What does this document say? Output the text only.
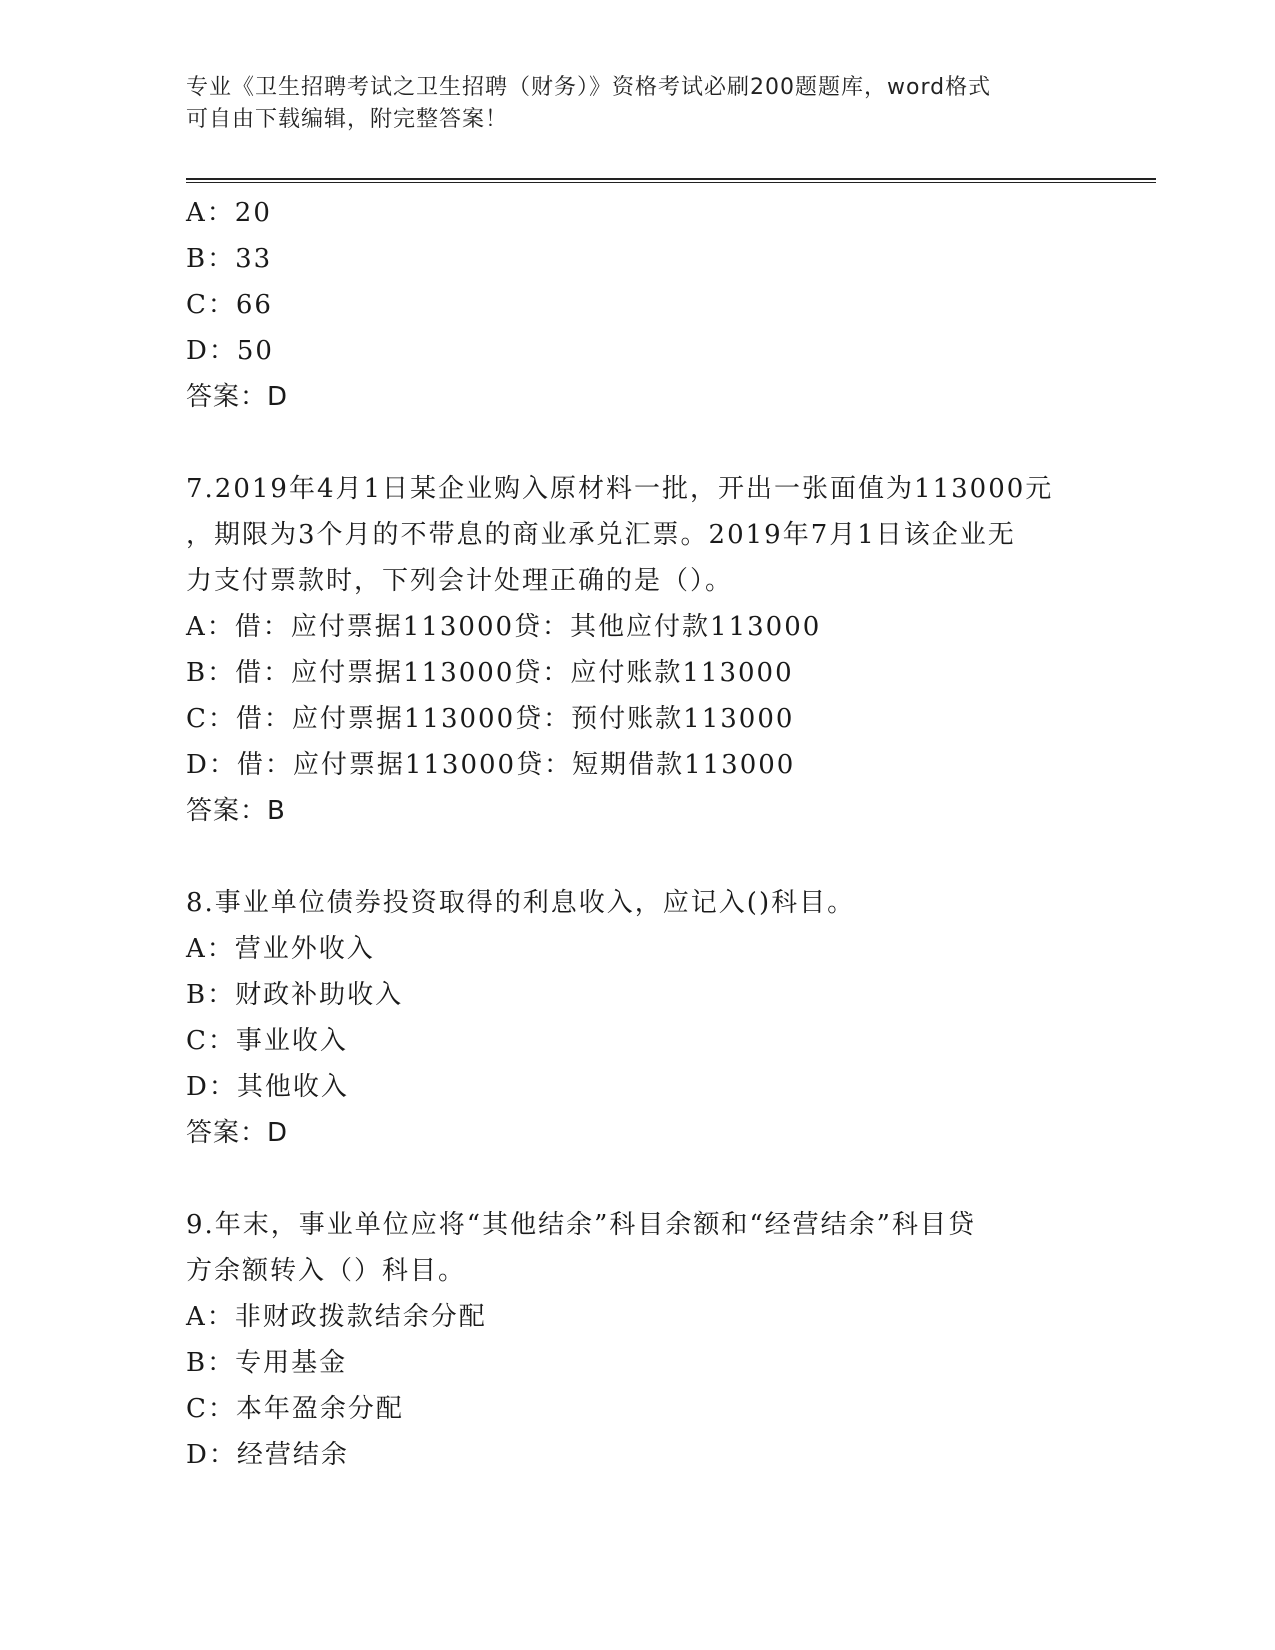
专业《卫生招聘考试之卫生招聘（财务）》资格考试必刷200题题库，word格式
可自由下载编辑，附完整答案！
A：20
B：33
C：66
D：50
答案：D
7.2019年4月1日某企业购入原材料一批，开出一张面值为113000元
，期限为3个月的不带息的商业承兑汇票。2019年7月1日该企业无
力支付票款时，下列会计处理正确的是（）。
A：借：应付票据113000贷：其他应付款113000
B：借：应付票据113000贷：应付账款113000
C：借：应付票据113000贷：预付账款113000
D：借：应付票据113000贷：短期借款113000
答案：B
8.事业单位债券投资取得的利息收入，应记入()科目。
A：营业外收入
B：财政补助收入
C：事业收入
D：其他收入
答案：D
9.年末，事业单位应将“其他结余”科目余额和“经营结余”科目贷
方余额转入（）科目。
A：非财政拨款结余分配
B：专用基金
C：本年盈余分配
D：经营结余
